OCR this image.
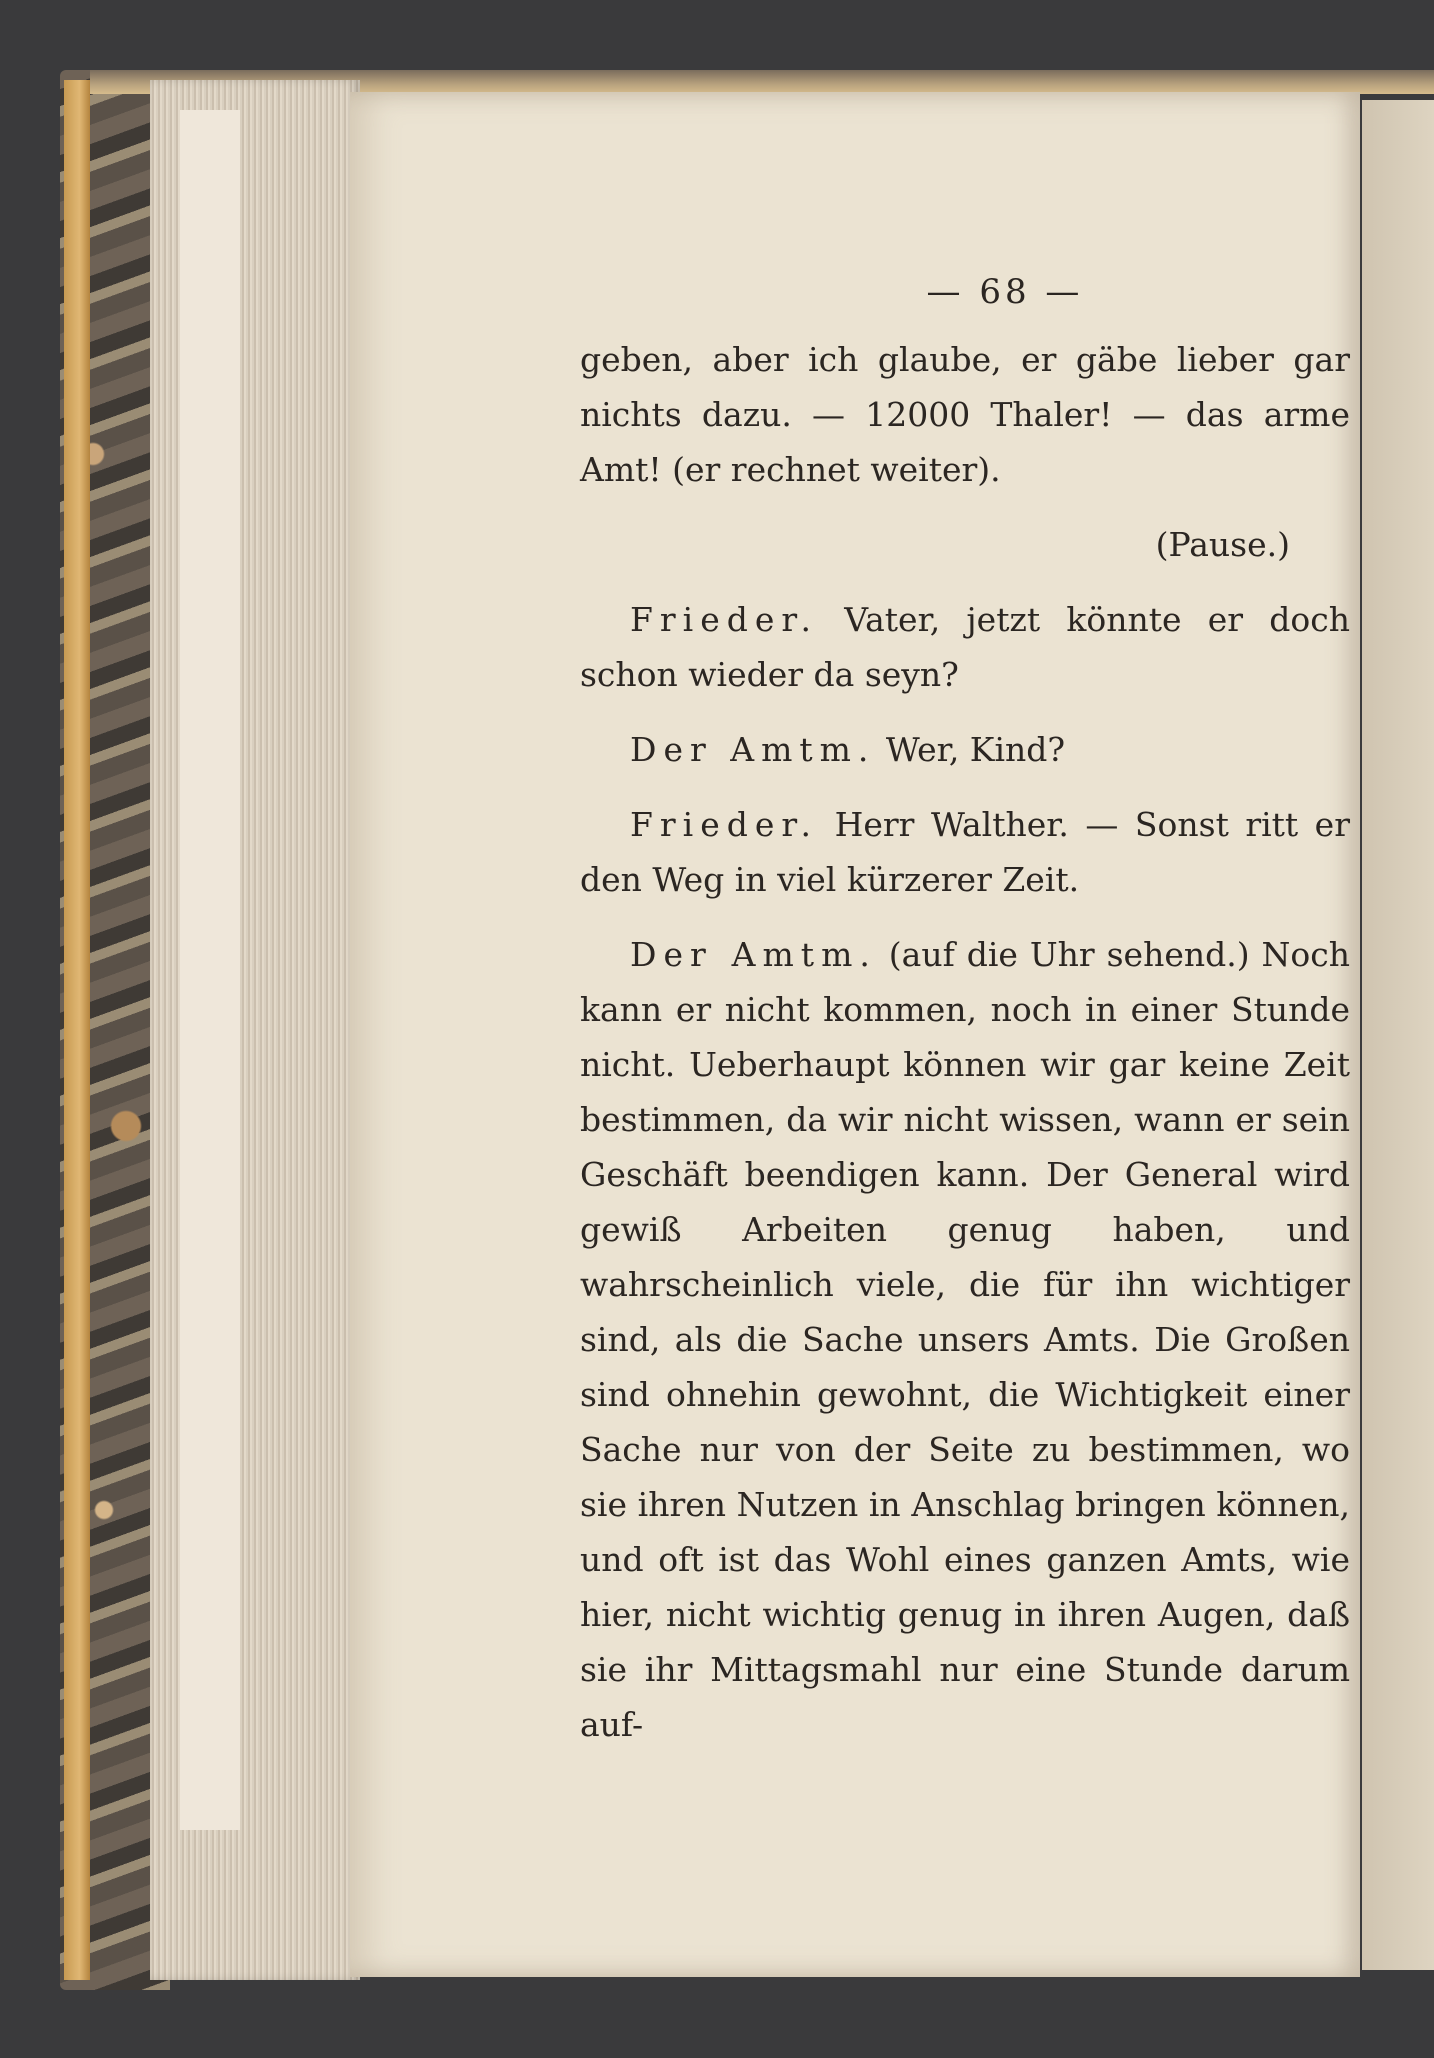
— 68 —

geben, aber ich glaube, er gäbe lieber gar nichts dazu. — 12000 Thaler! — das arme Amt! (er rechnet weiter).

(Pause.)

Frieder. Vater, jetzt könnte er doch schon wieder da seyn?

Der Amtm. Wer, Kind?

Frieder. Herr Walther. — Sonst ritt er den Weg in viel kürzerer Zeit.

Der Amtm. (auf die Uhr sehend.) Noch kann er nicht kommen, noch in einer Stunde nicht. Ueberhaupt können wir gar keine Zeit bestimmen, da wir nicht wissen, wann er sein Geschäft beendigen kann. Der General wird gewiß Arbeiten genug haben, und wahrscheinlich viele, die für ihn wichtiger sind, als die Sache unsers Amts. Die Großen sind ohnehin gewohnt, die Wichtigkeit einer Sache nur von der Seite zu bestimmen, wo sie ihren Nutzen in Anschlag bringen können, und oft ist das Wohl eines ganzen Amts, wie hier, nicht wichtig genug in ihren Augen, daß sie ihr Mittagsmahl nur eine Stunde darum auf-
